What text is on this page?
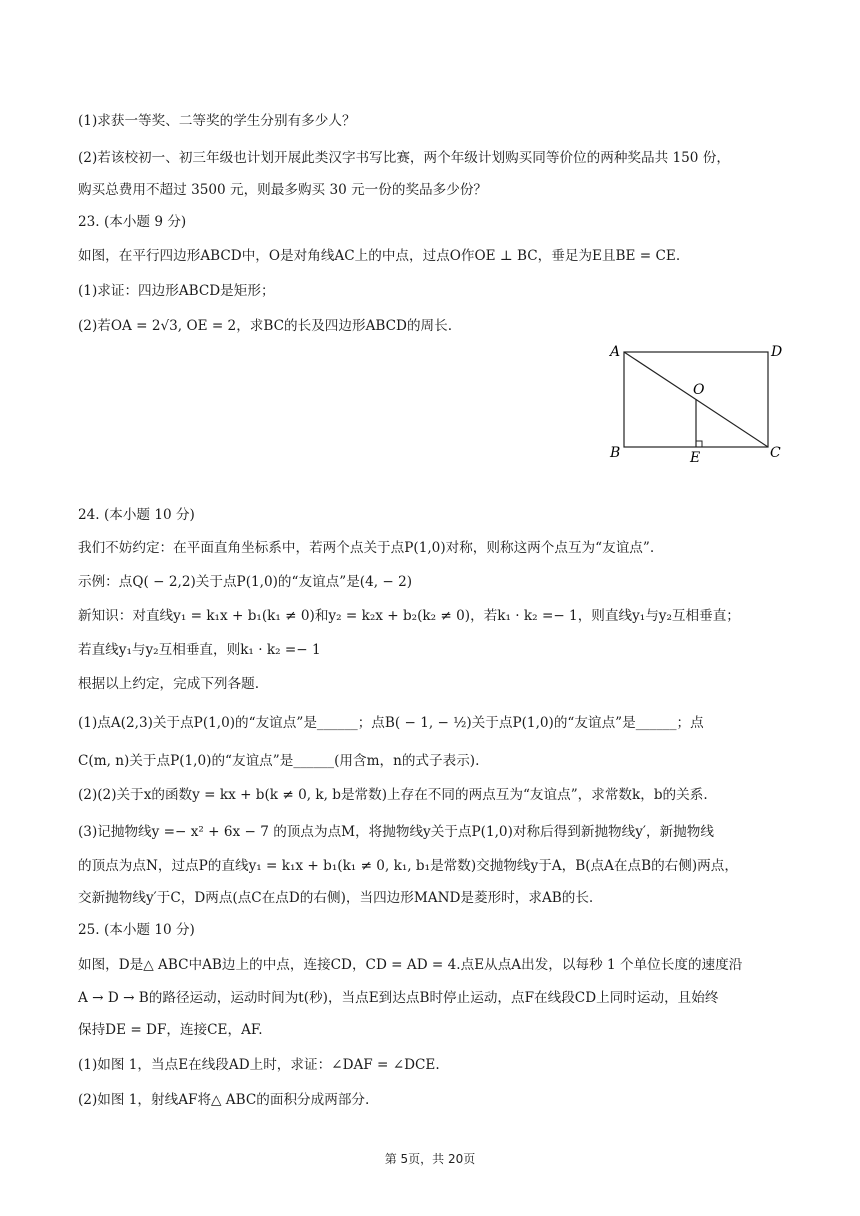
(1)求获一等奖、二等奖的学生分别有多少人？
(2)若该校初一、初三年级也计划开展此类汉字书写比赛，两个年级计划购买同等价位的两种奖品共 150 份，
购买总费用不超过 3500 元，则最多购买 30 元一份的奖品多少份？
23. (本小题 9 分)
如图，在平行四边形ABCD中，O是对角线AC上的中点，过点O作OE ⊥ BC，垂足为E且BE = CE.
(1)求证：四边形ABCD是矩形；
(2)若OA = 2√3, OE = 2，求BC的长及四边形ABCD的周长.
A	D
O
B	E	C
24. (本小题 10 分)
我们不妨约定：在平面直角坐标系中，若两个点关于点P(1,0)对称，则称这两个点互为“友谊点”.
示例：点Q( − 2,2)关于点P(1,0)的“友谊点”是(4, − 2)
新知识：对直线y₁ = k₁x + b₁(k₁ ≠ 0)和y₂ = k₂x + b₂(k₂ ≠ 0)，若k₁ · k₂ =− 1，则直线y₁与y₂互相垂直；
若直线y₁与y₂互相垂直，则k₁ · k₂ =− 1
根据以上约定，完成下列各题.
(1)点A(2,3)关于点P(1,0)的“友谊点”是______；点B( − 1, − ½)关于点P(1,0)的“友谊点”是______；点
C(m, n)关于点P(1,0)的“友谊点”是______(用含m，n的式子表示).
(2)(2)关于x的函数y = kx + b(k ≠ 0, k, b是常数)上存在不同的两点互为“友谊点”，求常数k，b的关系.
(3)记抛物线y =− x² + 6x − 7 的顶点为点M，将抛物线y关于点P(1,0)对称后得到新抛物线y′，新抛物线
的顶点为点N，过点P的直线y₁ = k₁x + b₁(k₁ ≠ 0, k₁, b₁是常数)交抛物线y于A，B(点A在点B的右侧)两点，
交新抛物线y′于C，D两点(点C在点D的右侧)，当四边形MAND是菱形时，求AB的长.
25. (本小题 10 分)
如图，D是△ ABC中AB边上的中点，连接CD，CD = AD = 4.点E从点A出发，以每秒 1 个单位长度的速度沿
A → D → B的路径运动，运动时间为t(秒)，当点E到达点B时停止运动，点F在线段CD上同时运动，且始终
保持DE = DF，连接CE，AF.
(1)如图 1，当点E在线段AD上时，求证：∠DAF = ∠DCE.
(2)如图 1，射线AF将△ ABC的面积分成两部分.
第 5页，共 20页
